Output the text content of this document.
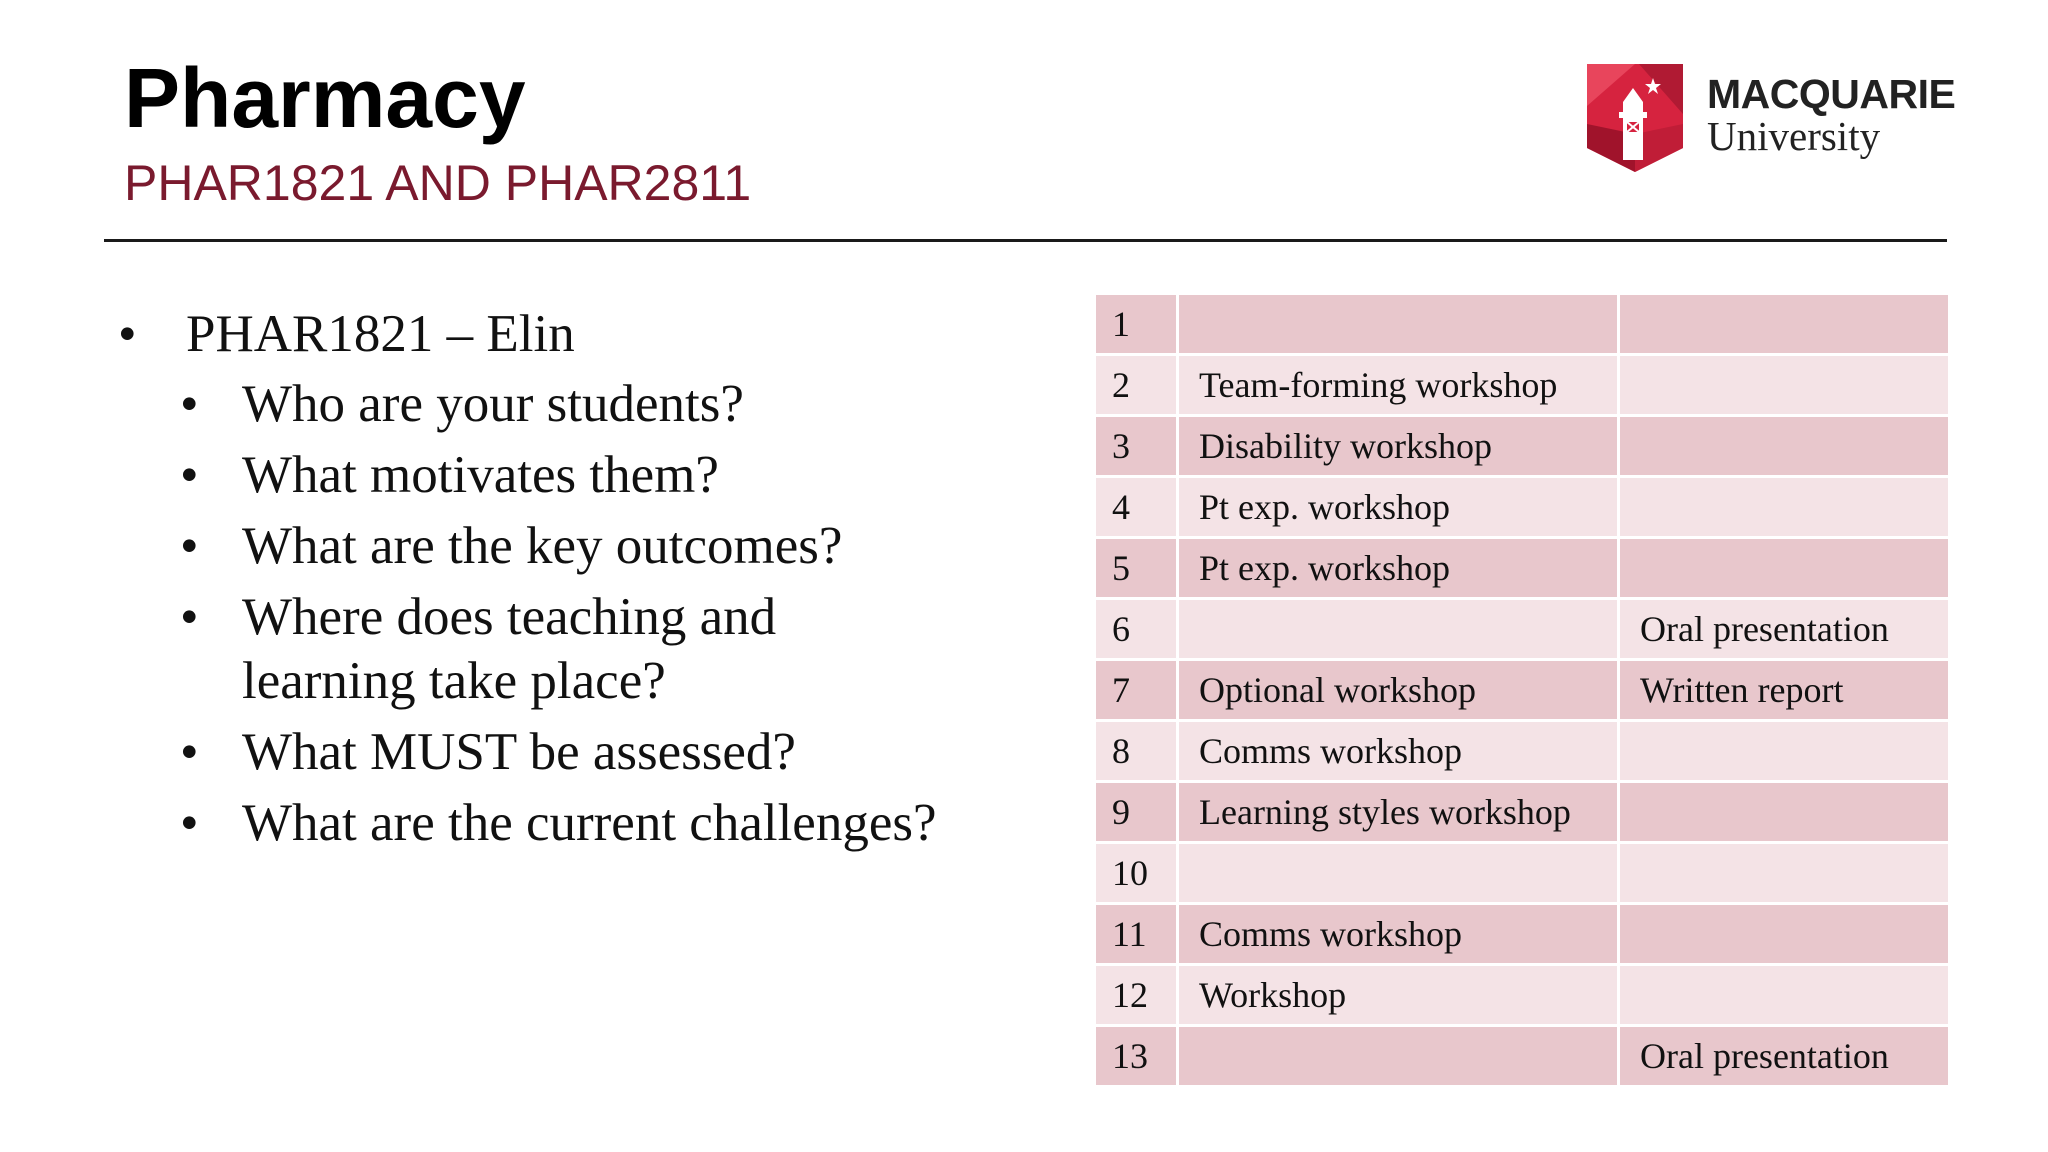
Pharmacy
PHAR1821 AND PHAR2811
MACQUARIE
University
• PHAR1821 – Elin
• Who are your students?
• What motivates them?
• What are the key outcomes?
• Where does teaching and learning take place?
• What MUST be assessed?
• What are the current challenges?
1		
2	Team-forming workshop	
3	Disability workshop	
4	Pt exp. workshop	
5	Pt exp. workshop	
6		Oral presentation
7	Optional workshop	Written report
8	Comms workshop	
9	Learning styles workshop	
10		
11	Comms workshop	
12	Workshop	
13		Oral presentation
